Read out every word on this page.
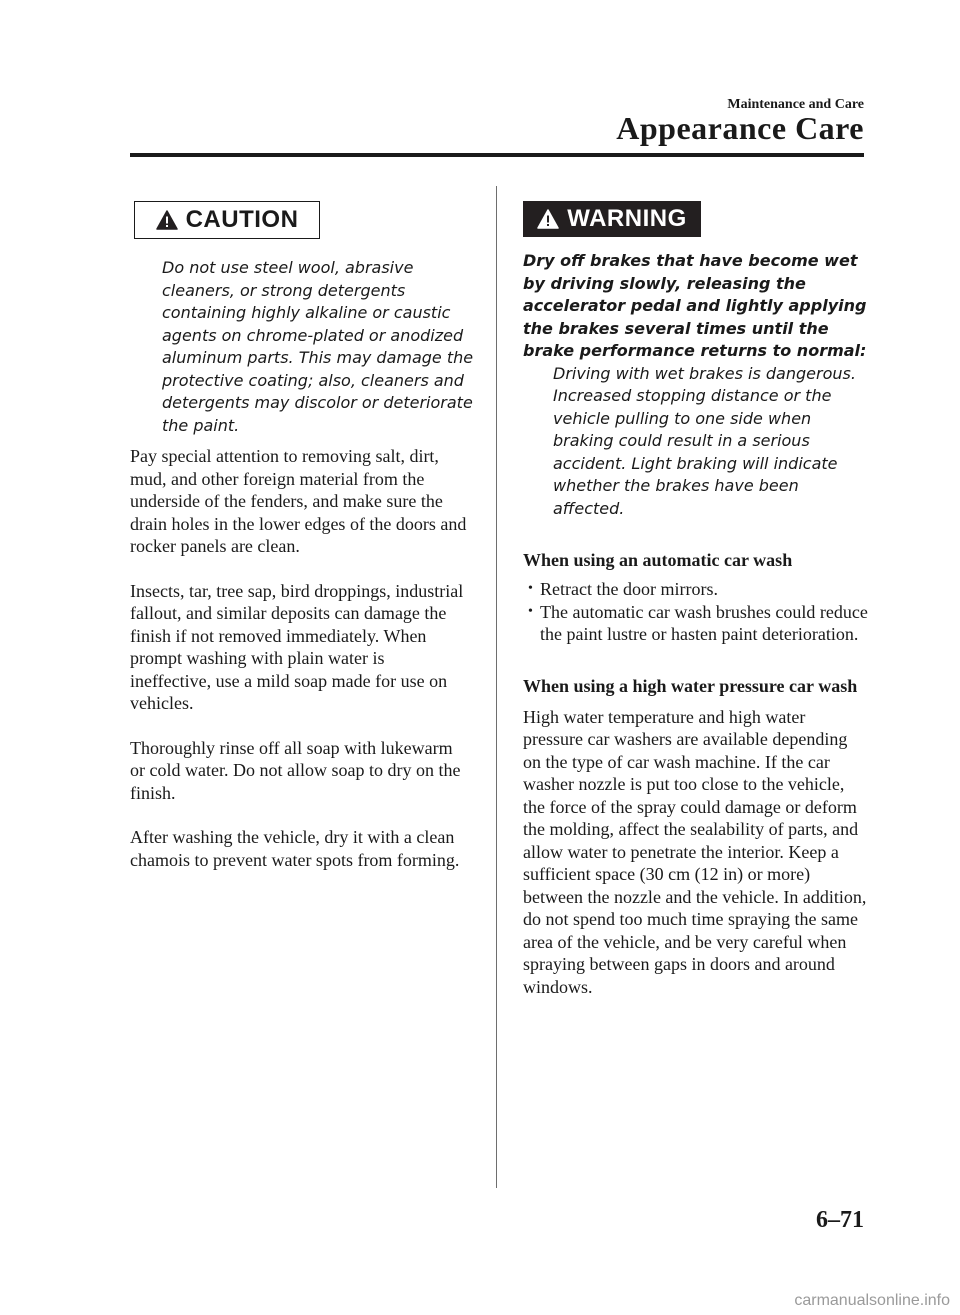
Maintenance and Care
Appearance Care
CAUTION
Do not use steel wool, abrasive cleaners, or strong detergents containing highly alkaline or caustic agents on chrome-plated or anodized aluminum parts. This may damage the protective coating; also, cleaners and detergents may discolor or deteriorate the paint.

Pay special attention to removing salt, dirt, mud, and other foreign material from the underside of the fenders, and make sure the drain holes in the lower edges of the doors and rocker panels are clean.

Insects, tar, tree sap, bird droppings, industrial fallout, and similar deposits can damage the finish if not removed immediately. When prompt washing with plain water is ineffective, use a mild soap made for use on vehicles.

Thoroughly rinse off all soap with lukewarm or cold water. Do not allow soap to dry on the finish.

After washing the vehicle, dry it with a clean chamois to prevent water spots from forming.

WARNING
Dry off brakes that have become wet by driving slowly, releasing the accelerator pedal and lightly applying the brakes several times until the brake performance returns to normal:
Driving with wet brakes is dangerous. Increased stopping distance or the vehicle pulling to one side when braking could result in a serious accident. Light braking will indicate whether the brakes have been affected.
When using an automatic car wash
• Retract the door mirrors.
• The automatic car wash brushes could reduce the paint lustre or hasten paint deterioration.
When using a high water pressure car wash

High water temperature and high water pressure car washers are available depending on the type of car wash machine. If the car washer nozzle is put too close to the vehicle, the force of the spray could damage or deform the molding, affect the sealability of parts, and allow water to penetrate the interior. Keep a sufficient space (30 cm (12 in) or more) between the nozzle and the vehicle. In addition, do not spend too much time spraying the same area of the vehicle, and be very careful when spraying between gaps in doors and around windows.

6–71
carmanualsonline.info
